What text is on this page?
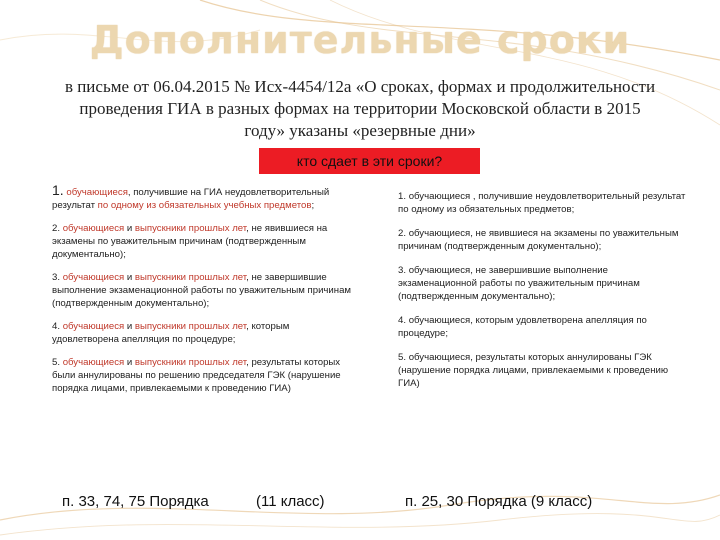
Дополнительные сроки
в письме от 06.04.2015 № Исх-4454/12а «О сроках, формах и продолжительности проведения ГИА в разных формах на территории Московской области в 2015 году» указаны «резервные дни»
кто сдает в эти сроки?

1. обучающиеся, получившие на ГИА неудовлетворительный результат по одному из обязательных учебных предметов;

2. обучающиеся и выпускники прошлых лет, не явившиеся на экзамены по уважительным причинам (подтвержденным документально);

3. обучающиеся и выпускники прошлых лет, не завершившие выполнение экзаменационной работы по уважительным причинам (подтвержденным документально);

4. обучающиеся и выпускники прошлых лет, которым удовлетворена апелляция по процедуре;

5. обучающиеся и выпускники прошлых лет, результаты которых были аннулированы по решению председателя ГЭК (нарушение порядка лицами, привлекаемыми к проведению ГИА)

1. обучающиеся , получившие неудовлетворительный результат по одному из обязательных предметов;

2. обучающиеся, не явившиеся на экзамены по уважительным причинам (подтвержденным документально);

3. обучающиеся, не завершившие выполнение экзаменационной работы по уважительным причинам (подтвержденным документально);

4. обучающиеся, которым удовлетворена апелляция по процедуре;

5. обучающиеся, результаты которых аннулированы ГЭК (нарушение порядка лицами, привлекаемыми к проведению ГИА)

п. 33, 74, 75 Порядка	(11 класс)	п. 25, 30 Порядка (9 класс)
